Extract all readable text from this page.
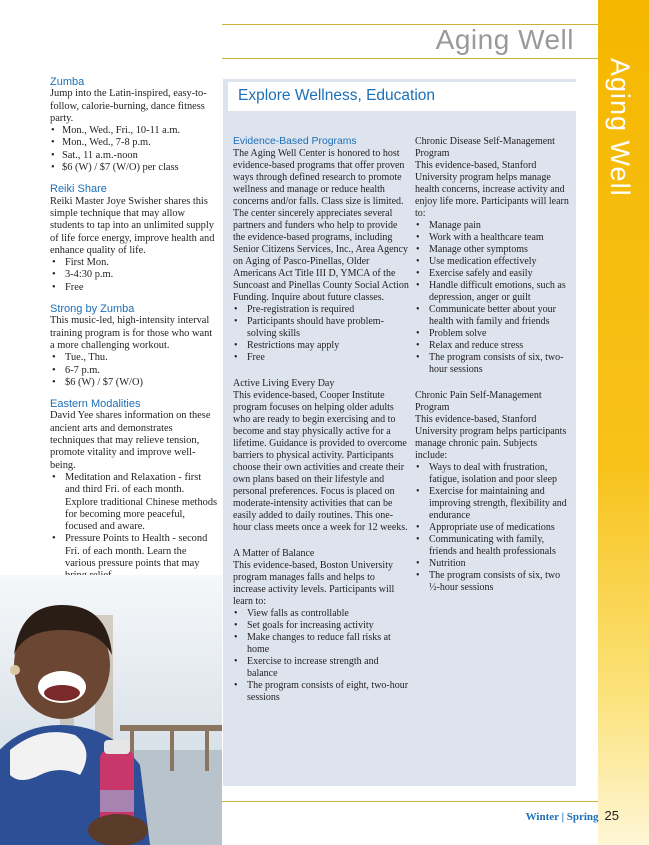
Aging Well
Aging Well

Zumba

Jump into the Latin-inspired, easy-to-follow, calorie-burning, dance fitness party.

• Mon., Wed., Fri., 10-11 a.m.
• Mon., Wed., 7-8 p.m.
• Sat., 11 a.m.-noon
• $6 (W) / $7 (W/O) per class

Reiki Share

Reiki Master Joye Swisher shares this simple technique that may allow students to tap into an unlimited supply of life force energy, improve health and enhance quality of life.

• First Mon.
• 3-4:30 p.m.
• Free

Strong by Zumba

This music-led, high-intensity interval training program is for those who want a more challenging workout.

• Tue., Thu.
• 6-7 p.m.
• $6 (W) / $7 (W/O)

Eastern Modalities

David Yee shares information on these ancient arts and demonstrates techniques that may relieve tension, promote vitality and improve well-being.

• Meditation and Relaxation - first and third Fri. of each month. Explore traditional Chinese methods for becoming more peaceful, focused and aware.
• Pressure Points to Health - second Fri. of each month. Learn the various pressure points that may
•
•
Explore Wellness, Education

Evidence-Based Programs

The Aging Well Center is honored to host evidence-based programs that offer proven ways through defined research to promote wellness and manage or reduce health concerns and/or falls. Class size is limited. The center sincerely appreciates several partners and funders who help to provide the evidence-based programs, including Senior Citizens Services, Inc., Area Agency on Aging of Pasco-Pinellas, Older Americans Act Title III D, YMCA of the Suncoast and Pinellas County Social Action Funding. Inquire about future classes.

• Pre-registration is required
• Participants should have problem-solving skills
• Restrictions may apply
• Free

Active Living Every Day

This evidence-based, Cooper Institute program focuses on helping older adults who are ready to begin exercising and to become and stay physically active for a lifetime. Guidance is provided to overcome barriers to physical activity. Participants choose their own activities and create their own plans based on their lifestyle and personal preferences. Focus is placed on moderate-intensity activities that can be easily added to daily routines. This one-hour class meets once a week for 12 weeks.

A Matter of Balance

This evidence-based, Boston University program manages falls and helps to increase activity levels. Participants will learn to:

• View falls as controllable
• Set goals for increasing activity
• Make changes to reduce fall risks at home
• Exercise to increase strength and balance
• The program consists of eight, two-hour sessions

Chronic Disease Self-Management Program

This evidence-based, Stanford University program helps manage health concerns, increase activity and enjoy life more. Participants will learn to:

• Manage pain
• Work with a healthcare team
• Manage other symptoms
• Use medication effectively
• Exercise safely and easily
• Handle difficult emotions, such as depression, anger or guilt
• Communicate better about your health with family and friends
• Problem solve
• Relax and reduce stress
• The program consists of six, two-hour sessions

Chronic Pain Self-Management Program

This evidence-based, Stanford University program helps participants manage chronic pain. Subjects include:

• Ways to deal with frustration, fatigue, isolation and poor sleep
• Exercise for maintaining and improving strength, flexibility and endurance
• Appropriate use of medications
• Communicating with family, friends and health professionals
• Nutrition
• The program consists of six, two ½-hour sessions
Winter | Spring 25
